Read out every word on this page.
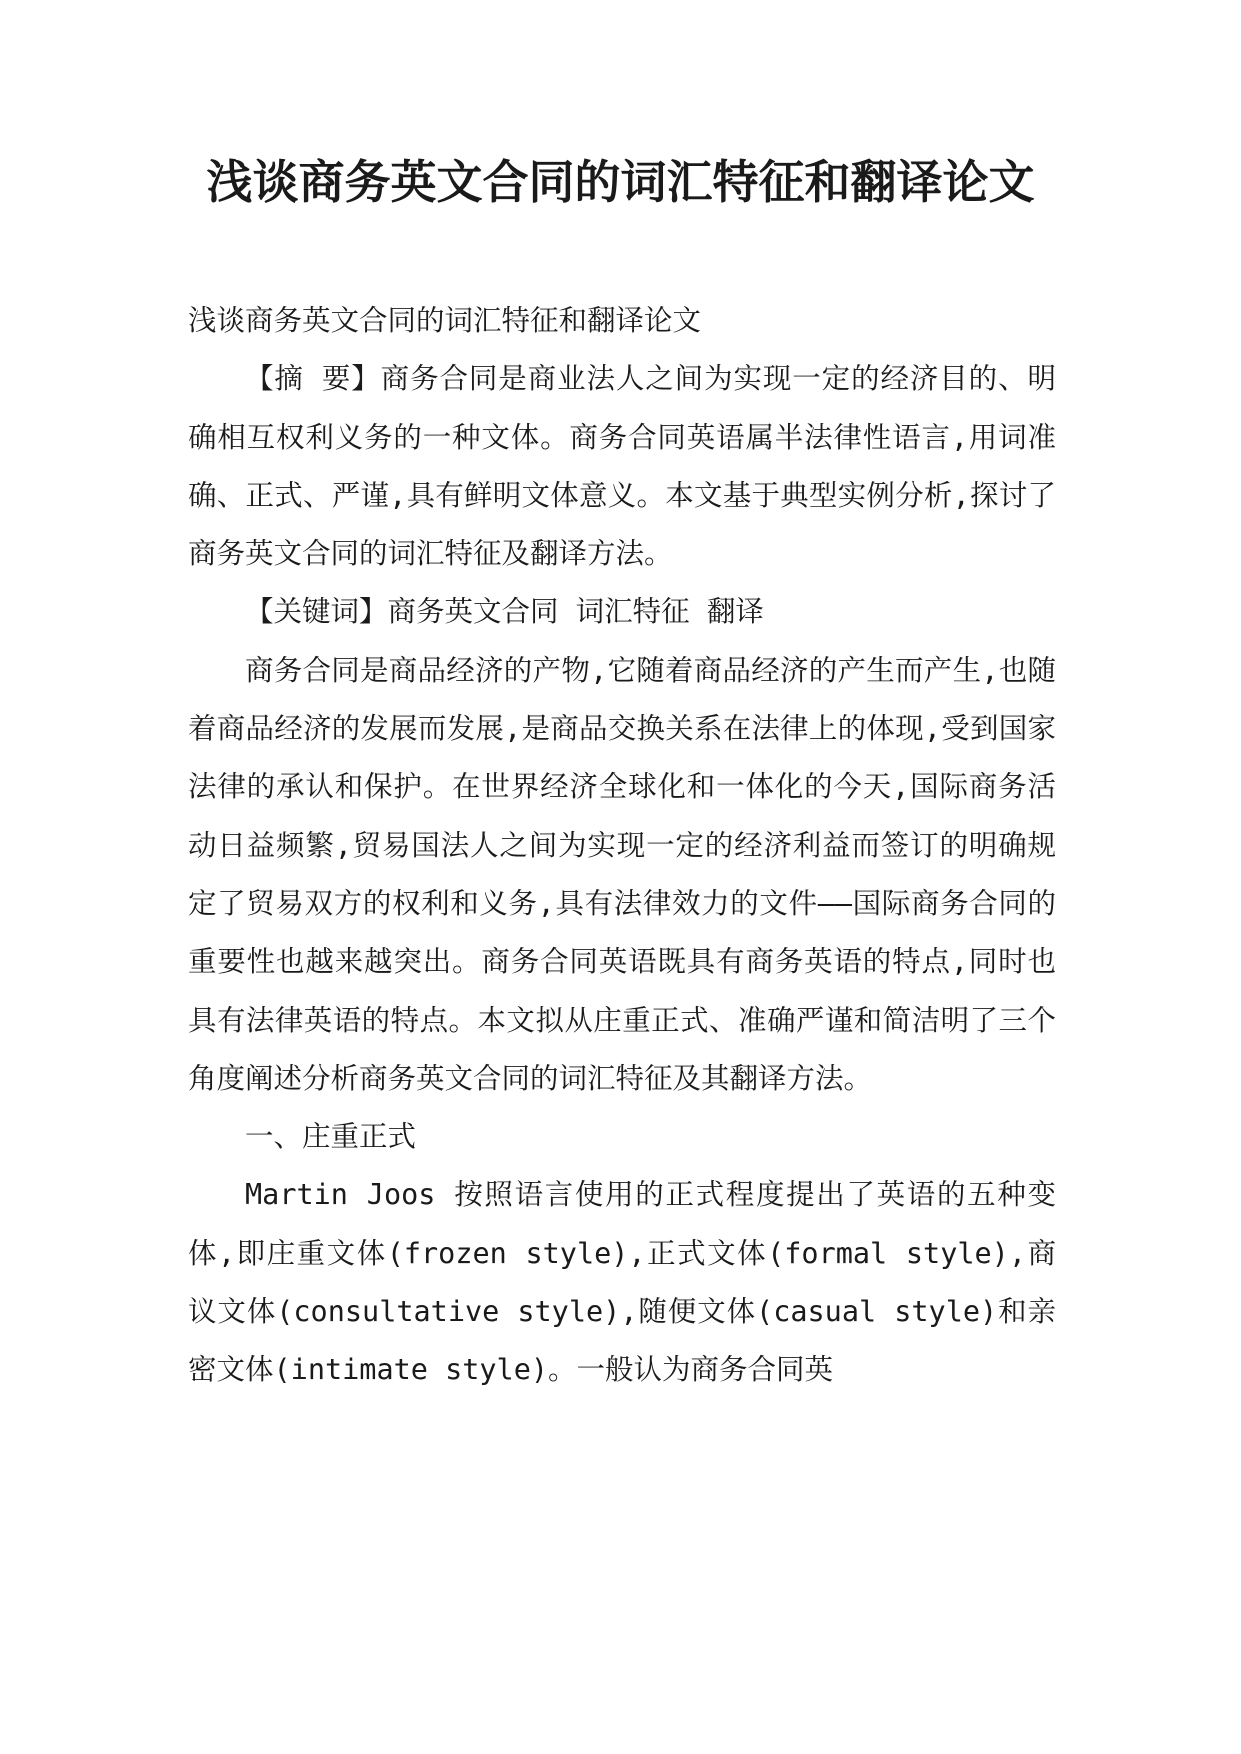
浅谈商务英文合同的词汇特征和翻译论文

浅谈商务英文合同的词汇特征和翻译论文

【摘 要】商务合同是商业法人之间为实现一定的经济目的、明确相互权利义务的一种文体。商务合同英语属半法律性语言,用词准确、正式、严谨,具有鲜明文体意义。本文基于典型实例分析,探讨了商务英文合同的词汇特征及翻译方法。

【关键词】商务英文合同 词汇特征 翻译

商务合同是商品经济的产物,它随着商品经济的产生而产生,也随着商品经济的发展而发展,是商品交换关系在法律上的体现,受到国家法律的承认和保护。在世界经济全球化和一体化的今天,国际商务活动日益频繁,贸易国法人之间为实现一定的经济利益而签订的明确规定了贸易双方的权利和义务,具有法律效力的文件——国际商务合同的重要性也越来越突出。商务合同英语既具有商务英语的特点,同时也具有法律英语的特点。本文拟从庄重正式、准确严谨和简洁明了三个角度阐述分析商务英文合同的词汇特征及其翻译方法。

一、庄重正式

Martin Joos 按照语言使用的正式程度提出了英语的五种变体,即庄重文体(frozen style),正式文体(formal style),商议文体(consultative style),随便文体(casual style)和亲密文体(intimate style)。一般认为商务合同英
